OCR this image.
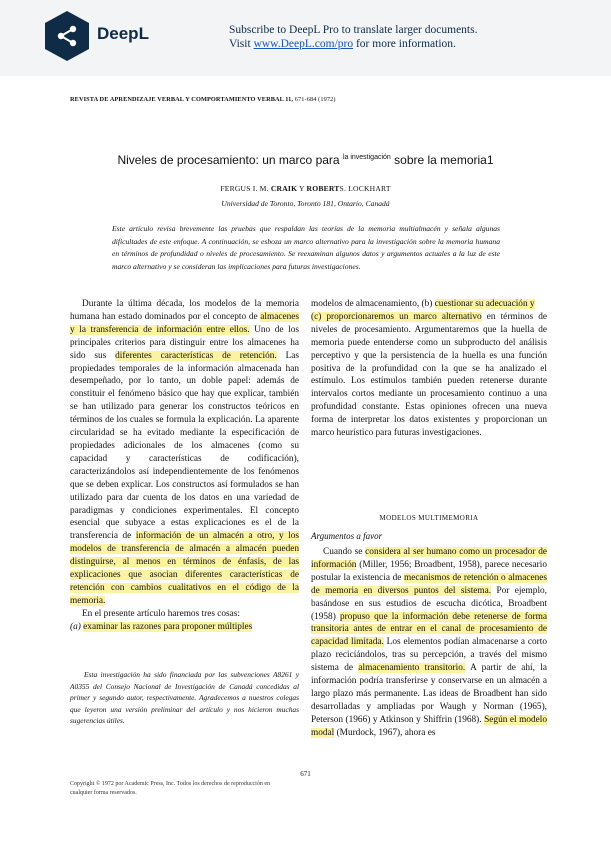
DeepL	Subscribe to DeepL Pro to translate larger documents.
Visit www.DeepL.com/pro for more information.
REVISTA DE APRENDIZAJE VERBAL Y COMPORTAMIENTO VERBAL 11, 671-684 (1972)
Niveles de procesamiento: un marco para $^{la investigación}$ sobre la memoria1
FERGUS I. M. CRAIK Y ROBERTS. LOCKHART
Universidad de Toronto, Toronto 181, Ontario, Canadá
Este artículo revisa brevemente las pruebas que respaldan las teorías de la memoria multialmacén y señala algunas dificultades de este enfoque. A continuación, se esboza un marco alternativo para la investigación sobre la memoria humana en términos de profundidad o niveles de procesamiento. Se reexaminan algunos datos y argumentos actuales a la luz de este marco alternativo y se consideran las implicaciones para futuras investigaciones.

Durante la última década, los modelos de la memoria humana han estado dominados por el concepto de almacenes y la transferencia de información entre ellos. Uno de los principales criterios para distinguir entre los almacenes ha sido sus diferentes características de retención. Las propiedades temporales de la información almacenada han desempeñado, por lo tanto, un doble papel: además de constituir el fenómeno básico que hay que explicar, también se han utilizado para generar los constructos teóricos en términos de los cuales se formula la explicación. La aparente circularidad se ha evitado mediante la especificación de propiedades adicionales de los almacenes (como su capacidad y características de codificación), caracterizándolos así independientemente de los fenómenos que se deben explicar. Los constructos así formulados se han utilizado para dar cuenta de los datos en una variedad de paradigmas y condiciones experimentales. El concepto esencial que subyace a estas explicaciones es el de la transferencia de información de un almacén a otro, y los modelos de transferencia de almacén a almacén pueden distinguirse, al menos en términos de énfasis, de las explicaciones que asocian diferentes características de retención con cambios cualitativos en el código de la memoria.

En el presente artículo haremos tres cosas:

(a) examinar las razones para proponer múltiples

Esta investigación ha sido financiada por las subvenciones A8261 y A0355 del Consejo Nacional de Investigación de Canadá concedidas al primer y segundo autor, respectivamente. Agradecemos a nuestros colegas que leyeron una versión preliminar del artículo y nos hicieron muchas sugerencias útiles.

modelos de almacenamiento, (b) cuestionar su adecuación y

(c) proporcionaremos un marco alternativo en términos de niveles de procesamiento. Argumentaremos que la huella de memoria puede entenderse como un subproducto del análisis perceptivo y que la persistencia de la huella es una función positiva de la profundidad con la que se ha analizado el estímulo. Los estímulos también pueden retenerse durante intervalos cortos mediante un procesamiento continuo a una profundidad constante. Estas opiniones ofrecen una nueva forma de interpretar los datos existentes y proporcionan un marco heurístico para futuras investigaciones.

MODELOS MULTIMEMORIA
Argumentos a favor

Cuando se considera al ser humano como un procesador de información (Miller, 1956; Broadbent, 1958), parece necesario postular la existencia de mecanismos de retención o almacenes de memoria en diversos puntos del sistema. Por ejemplo, basándose en sus estudios de escucha dicótica, Broadbent (1958) propuso que la información debe retenerse de forma transitoria antes de entrar en el canal de procesamiento de capacidad limitada. Los elementos podían almacenarse a corto plazo recicíándolos, tras su percepción, a través del mismo sistema de almacenamiento transitorio. A partir de ahí, la información podría transferirse y conservarse en un almacén a largo plazo más permanente. Las ideas de Broadbent han sido desarrolladas y ampliadas por Waugh y Norman (1965), Peterson (1966) y Atkinson y Shiffrin (1968). Según el modelo modal (Murdock, 1967), ahora es

671
Copyright © 1972 por Academic Press, Inc. Todos los derechos de reproducción en cualquier forma reservados.
